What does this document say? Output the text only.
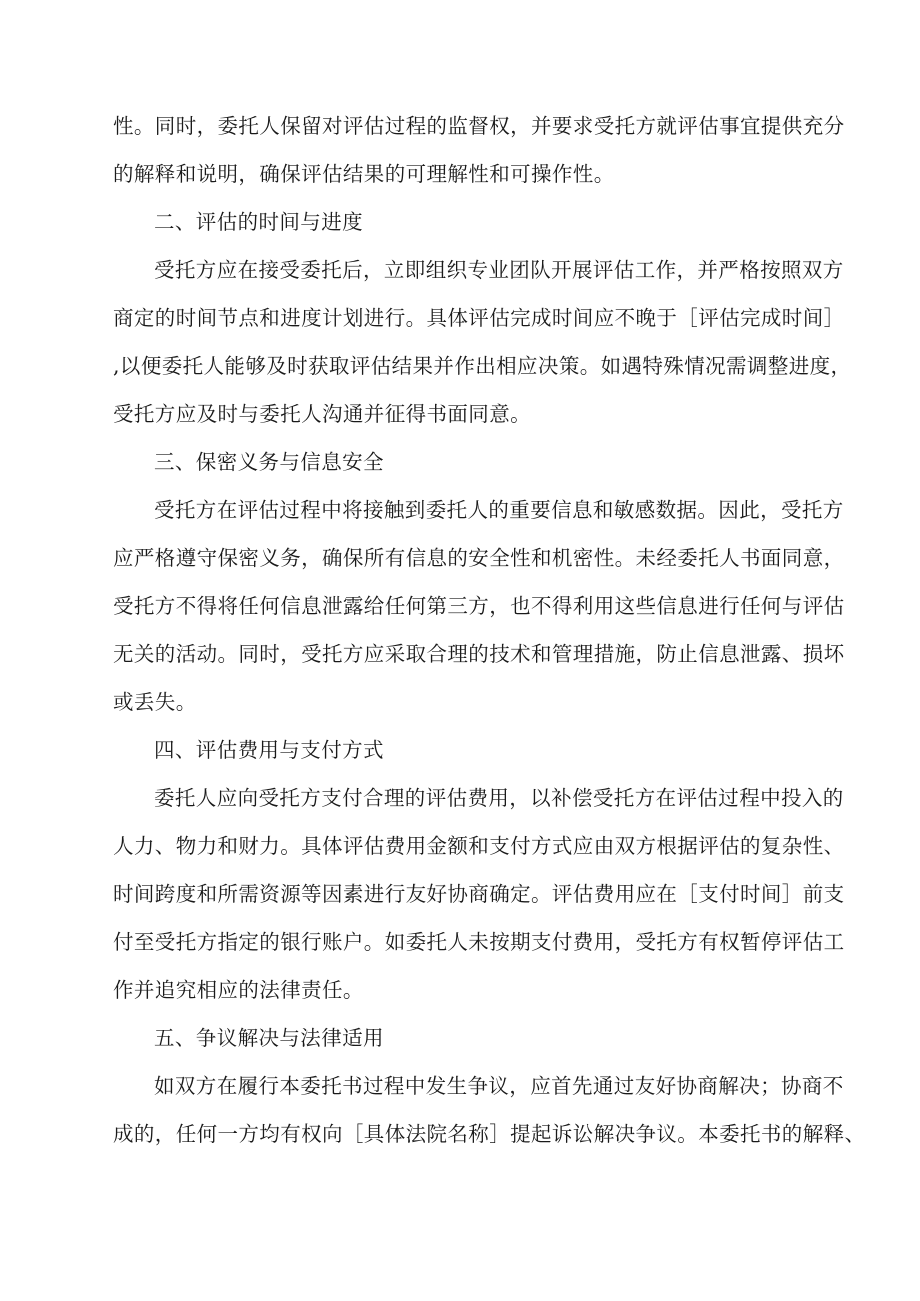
性。同时，委托人保留对评估过程的监督权，并要求受托方就评估事宜提供充分
的解释和说明，确保评估结果的可理解性和可操作性。
二、评估的时间与进度
受托方应在接受委托后，立即组织专业团队开展评估工作，并严格按照双方
商定的时间节点和进度计划进行。具体评估完成时间应不晚于［评估完成时间］
,以便委托人能够及时获取评估结果并作出相应决策。如遇特殊情况需调整进度，
受托方应及时与委托人沟通并征得书面同意。
三、保密义务与信息安全
受托方在评估过程中将接触到委托人的重要信息和敏感数据。因此，受托方
应严格遵守保密义务，确保所有信息的安全性和机密性。未经委托人书面同意，
受托方不得将任何信息泄露给任何第三方，也不得利用这些信息进行任何与评估
无关的活动。同时，受托方应采取合理的技术和管理措施，防止信息泄露、损坏
或丢失。
四、评估费用与支付方式
委托人应向受托方支付合理的评估费用，以补偿受托方在评估过程中投入的
人力、物力和财力。具体评估费用金额和支付方式应由双方根据评估的复杂性、
时间跨度和所需资源等因素进行友好协商确定。评估费用应在［支付时间］前支
付至受托方指定的银行账户。如委托人未按期支付费用，受托方有权暂停评估工
作并追究相应的法律责任。
五、争议解决与法律适用
如双方在履行本委托书过程中发生争议，应首先通过友好协商解决；协商不
成的，任何一方均有权向［具体法院名称］提起诉讼解决争议。本委托书的解释、
